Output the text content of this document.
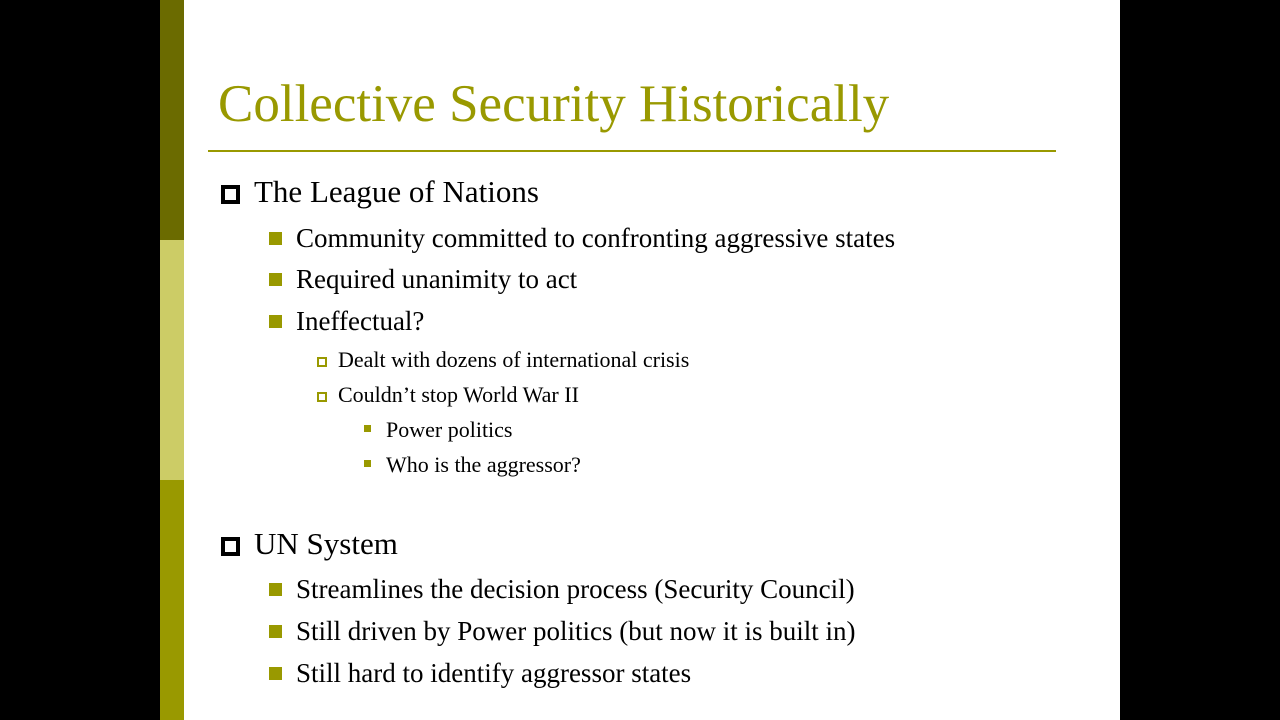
Collective Security Historically
The League of Nations
Community committed to confronting aggressive states
Required unanimity to act
Ineffectual?
Dealt with dozens of international crisis
Couldn’t stop World War II
Power politics
Who is the aggressor?
UN System
Streamlines the decision process (Security Council)
Still driven by Power politics (but now it is built in)
Still hard to identify aggressor states
